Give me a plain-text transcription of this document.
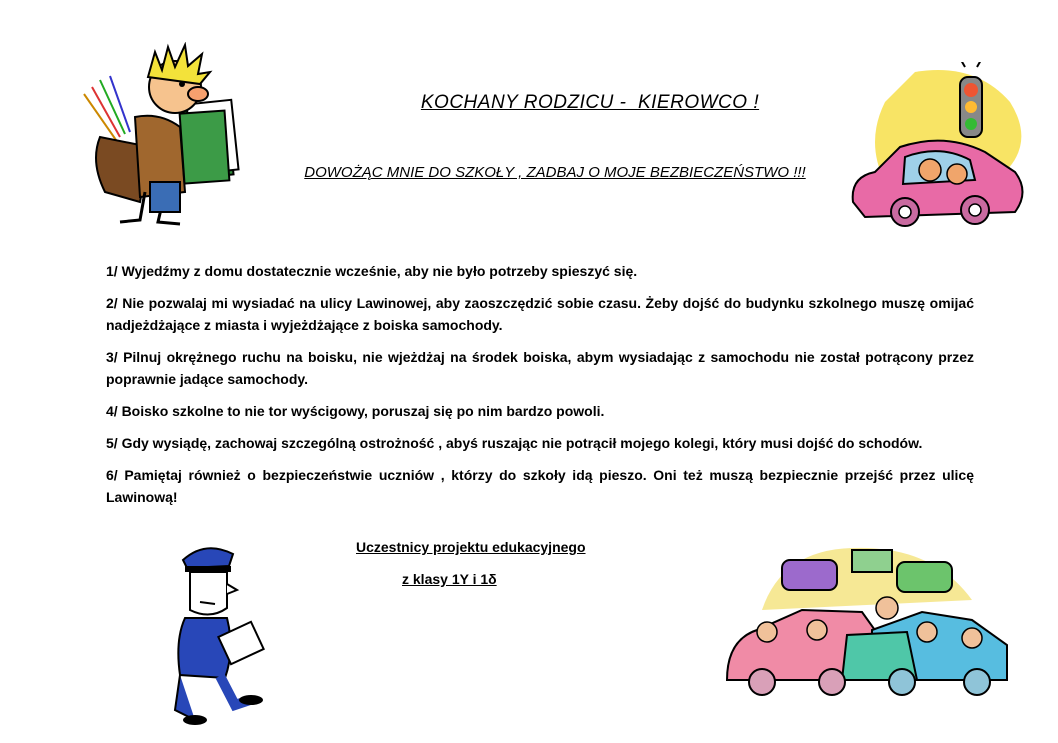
KOCHANY RODZICU -  KIEROWCO !
DOWOŻĄC MNIE DO SZKOŁY , ZADBAJ O MOJE BEZBIECZEŃSTWO !!!

1/ Wyjedźmy z domu dostatecznie wcześnie, aby nie było potrzeby spieszyć się.

2/ Nie pozwalaj mi wysiadać na ulicy Lawinowej, aby zaoszczędzić sobie czasu. Żeby dojść do budynku szkolnego muszę omijać nadjeżdżające z miasta i wyjeżdżające z boiska samochody.

3/ Pilnuj okrężnego ruchu na boisku, nie wjeżdżaj na środek boiska, abym wysiadając z samochodu nie został potrącony przez poprawnie jadące samochody.

4/ Boisko szkolne to nie tor wyścigowy, poruszaj się po nim bardzo powoli.

5/ Gdy wysiądę, zachowaj szczególną ostrożność , abyś ruszając nie potrącił mojego kolegi, który musi dojść do schodów.

6/ Pamiętaj również o bezpieczeństwie uczniów , którzy do szkoły idą pieszo. Oni też muszą bezpiecznie przejść przez ulicę Lawinową!

Uczestnicy projektu edukacyjnego
z klasy 1Y i 1δ
